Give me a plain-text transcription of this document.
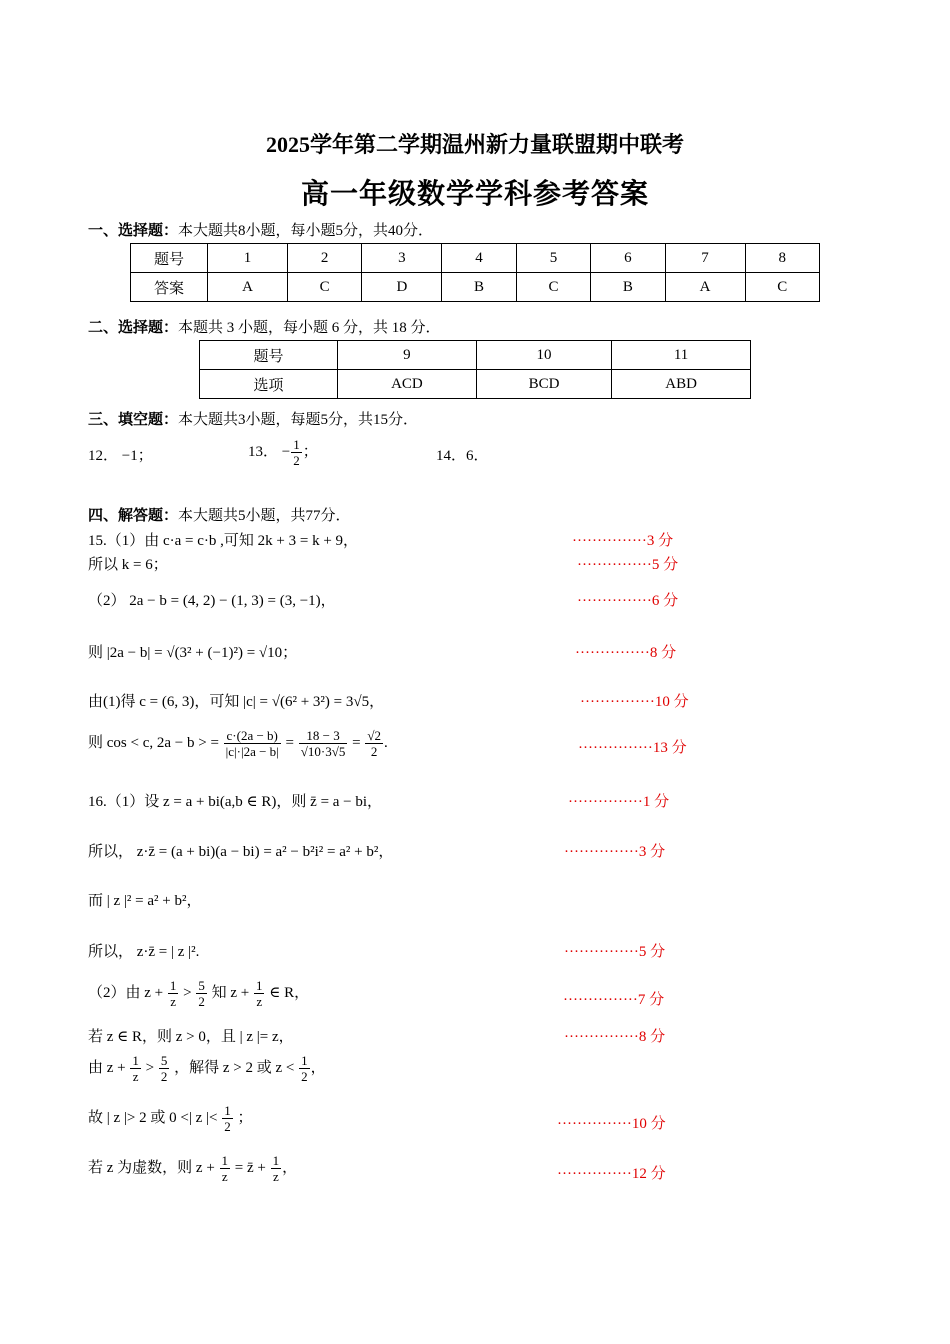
2025学年第二学期温州新力量联盟期中联考
高一年级数学学科参考答案
一、选择题：本大题共8小题，每小题5分，共40分．
题号	1	2	3	4	5	6	7	8
答案	A	C	D	B	C	B	A	C
二、选择题：本题共 3 小题，每小题 6 分，共 18 分．
题号	9	10	11
选项	ACD	BCD	ABD
三、填空题：本大题共3小题，每题5分，共15分．
12． −1；	13． − $\frac{1}{2}$ ；	14．6．
四、解答题：本大题共5小题，共77分．
15.（1）由 c·a = c·b ,可知 2k + 3 = k + 9，	···············3 分
所以 k = 6；	···············5 分
（2） 2a − b = (4, 2) − (1, 3) = (3, −1)，	···············6 分
则 |2a − b| = √(3² + (−1)²) = √10；	···············8 分
由(1)得 c = (6, 3)，可知 |c| = √(6² + 3²) = 3√5，	···············10 分
则 cos < c, 2a − b > = $\frac{c\cdot(2a - b)}{|c|\cdot|2a - b|} = \frac{18 - 3}{√10\cdot 3√5} = \frac{√2}{2}$ .	···············13 分
16.（1）设 z = a + bi(a,b ∈ R)，则 z̄ = a − bi，	···············1 分
所以， z·z̄ = (a + bi)(a − bi) = a² − b²i² = a² + b²，	···············3 分
而 | z |² = a² + b²，
所以， z·z̄ = | z |².	···············5 分
（2）由 $z + \frac{1}{z} > \frac{5}{2}$ 知 $z + \frac{1}{z}$ ∈ R，	···············7 分
若 z ∈ R，则 z > 0，且 | z |= z，	···············8 分
由 $z + \frac{1}{z} > \frac{5}{2}$ ，解得 z > 2 或 $z < \frac{1}{2}$ ，
故 | z |> 2 或 0 <| z |< $\frac{1}{2}$ ；	···············10 分
若 z 为虚数，则 $z + \frac{1}{z}$ = z̄ + $\frac{1}{z}$ ，	···············12 分
